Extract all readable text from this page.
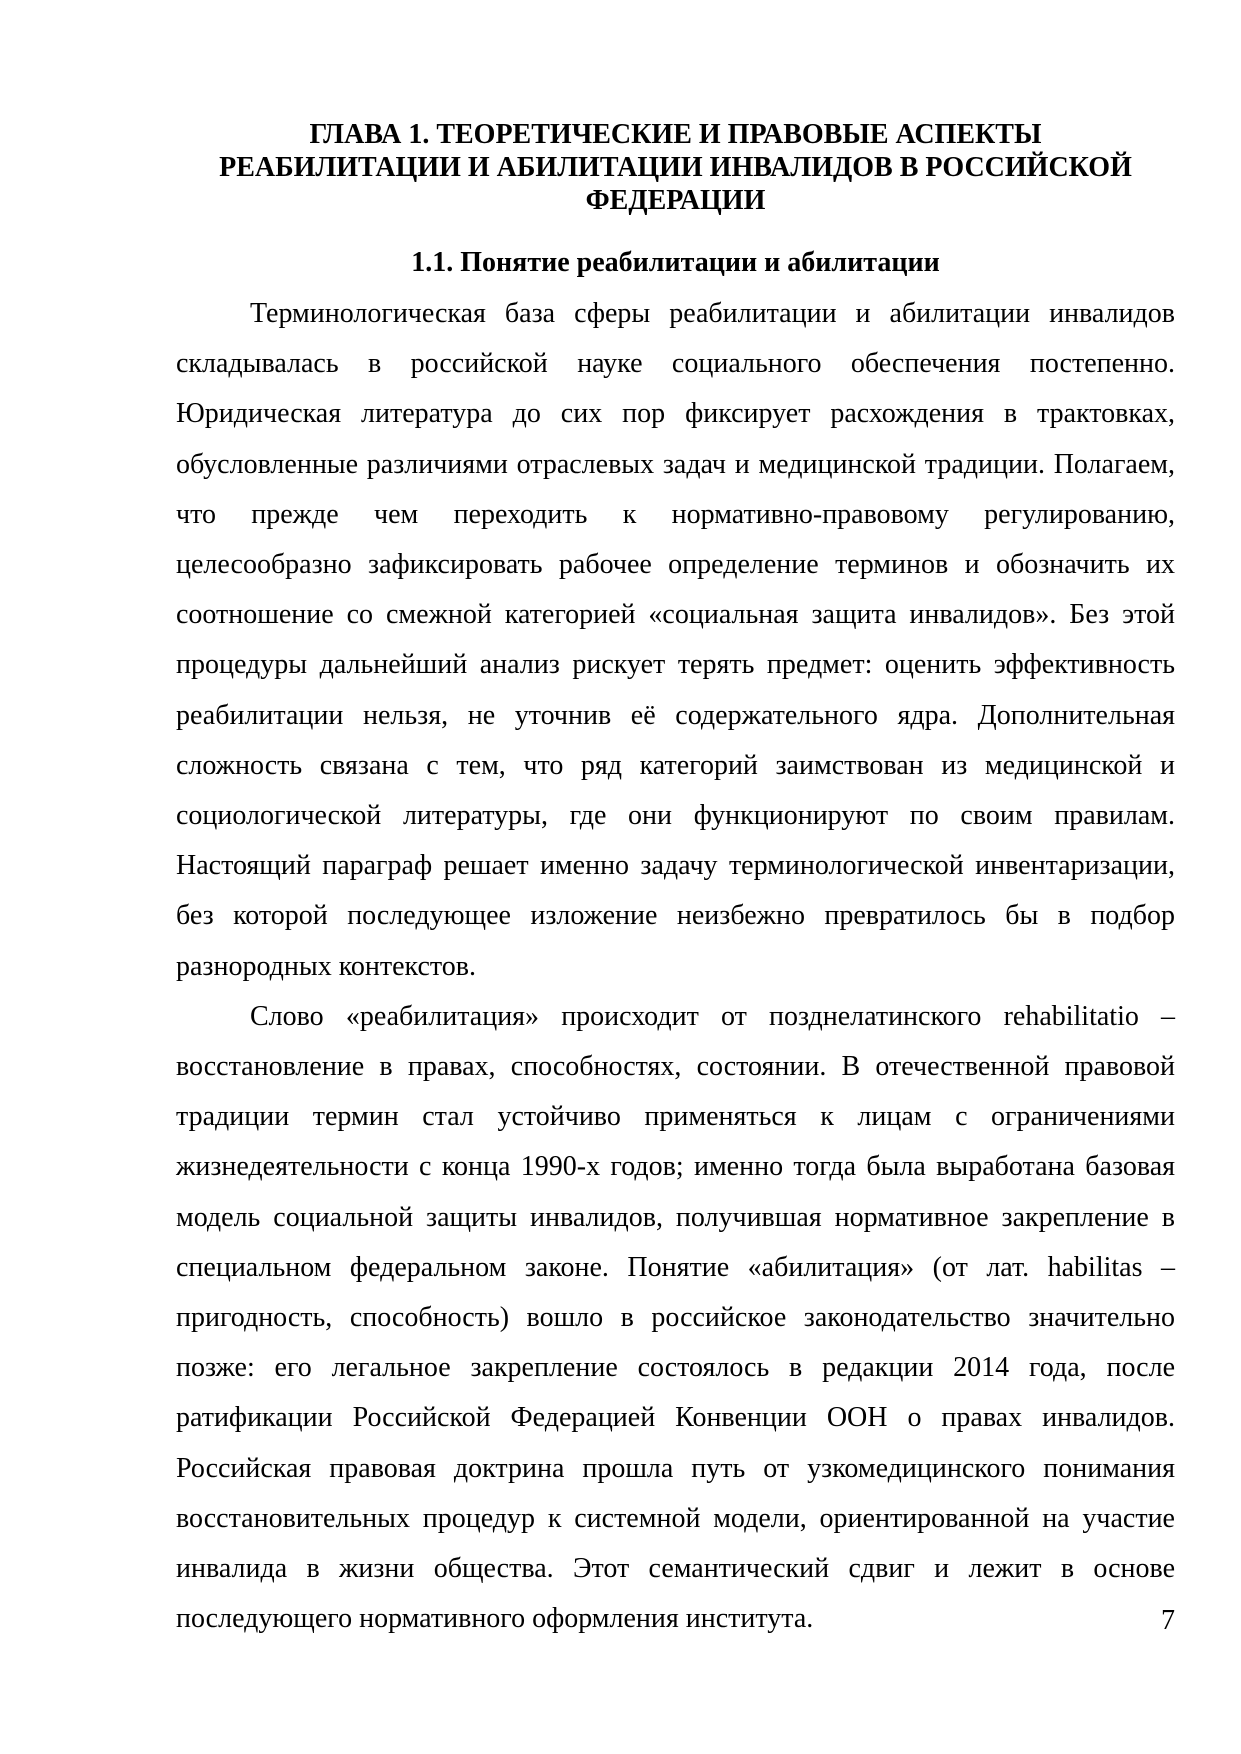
ГЛАВА 1. ТЕОРЕТИЧЕСКИЕ И ПРАВОВЫЕ АСПЕКТЫ
РЕАБИЛИТАЦИИ И АБИЛИТАЦИИ ИНВАЛИДОВ В РОССИЙСКОЙ
ФЕДЕРАЦИИ
1.1. Понятие реабилитации и абилитации

Терминологическая база сферы реабилитации и абилитации инвалидов складывалась в российской науке социального обеспечения постепенно. Юридическая литература до сих пор фиксирует расхождения в трактовках, обусловленные различиями отраслевых задач и медицинской традиции. Полагаем, что прежде чем переходить к нормативно-правовому регулированию, целесообразно зафиксировать рабочее определение терминов и обозначить их соотношение со смежной категорией «социальная защита инвалидов». Без этой процедуры дальнейший анализ рискует терять предмет: оценить эффективность реабилитации нельзя, не уточнив её содержательного ядра. Дополнительная сложность связана с тем, что ряд категорий заимствован из медицинской и социологической литературы, где они функционируют по своим правилам. Настоящий параграф решает именно задачу терминологической инвентаризации, без которой последующее изложение неизбежно превратилось бы в подбор разнородных контекстов.

Слово «реабилитация» происходит от позднелатинского rehabilitatio – восстановление в правах, способностях, состоянии. В отечественной правовой традиции термин стал устойчиво применяться к лицам с ограничениями жизнедеятельности с конца 1990-х годов; именно тогда была выработана базовая модель социальной защиты инвалидов, получившая нормативное закрепление в специальном федеральном законе. Понятие «абилитация» (от лат. habilitas – пригодность, способность) вошло в российское законодательство значительно позже: его легальное закрепление состоялось в редакции 2014 года, после ратификации Российской Федерацией Конвенции ООН о правах инвалидов. Российская правовая доктрина прошла путь от узкомедицинского понимания восстановительных процедур к системной модели, ориентированной на участие инвалида в жизни общества. Этот семантический сдвиг и лежит в основе последующего нормативного оформления института.	7
